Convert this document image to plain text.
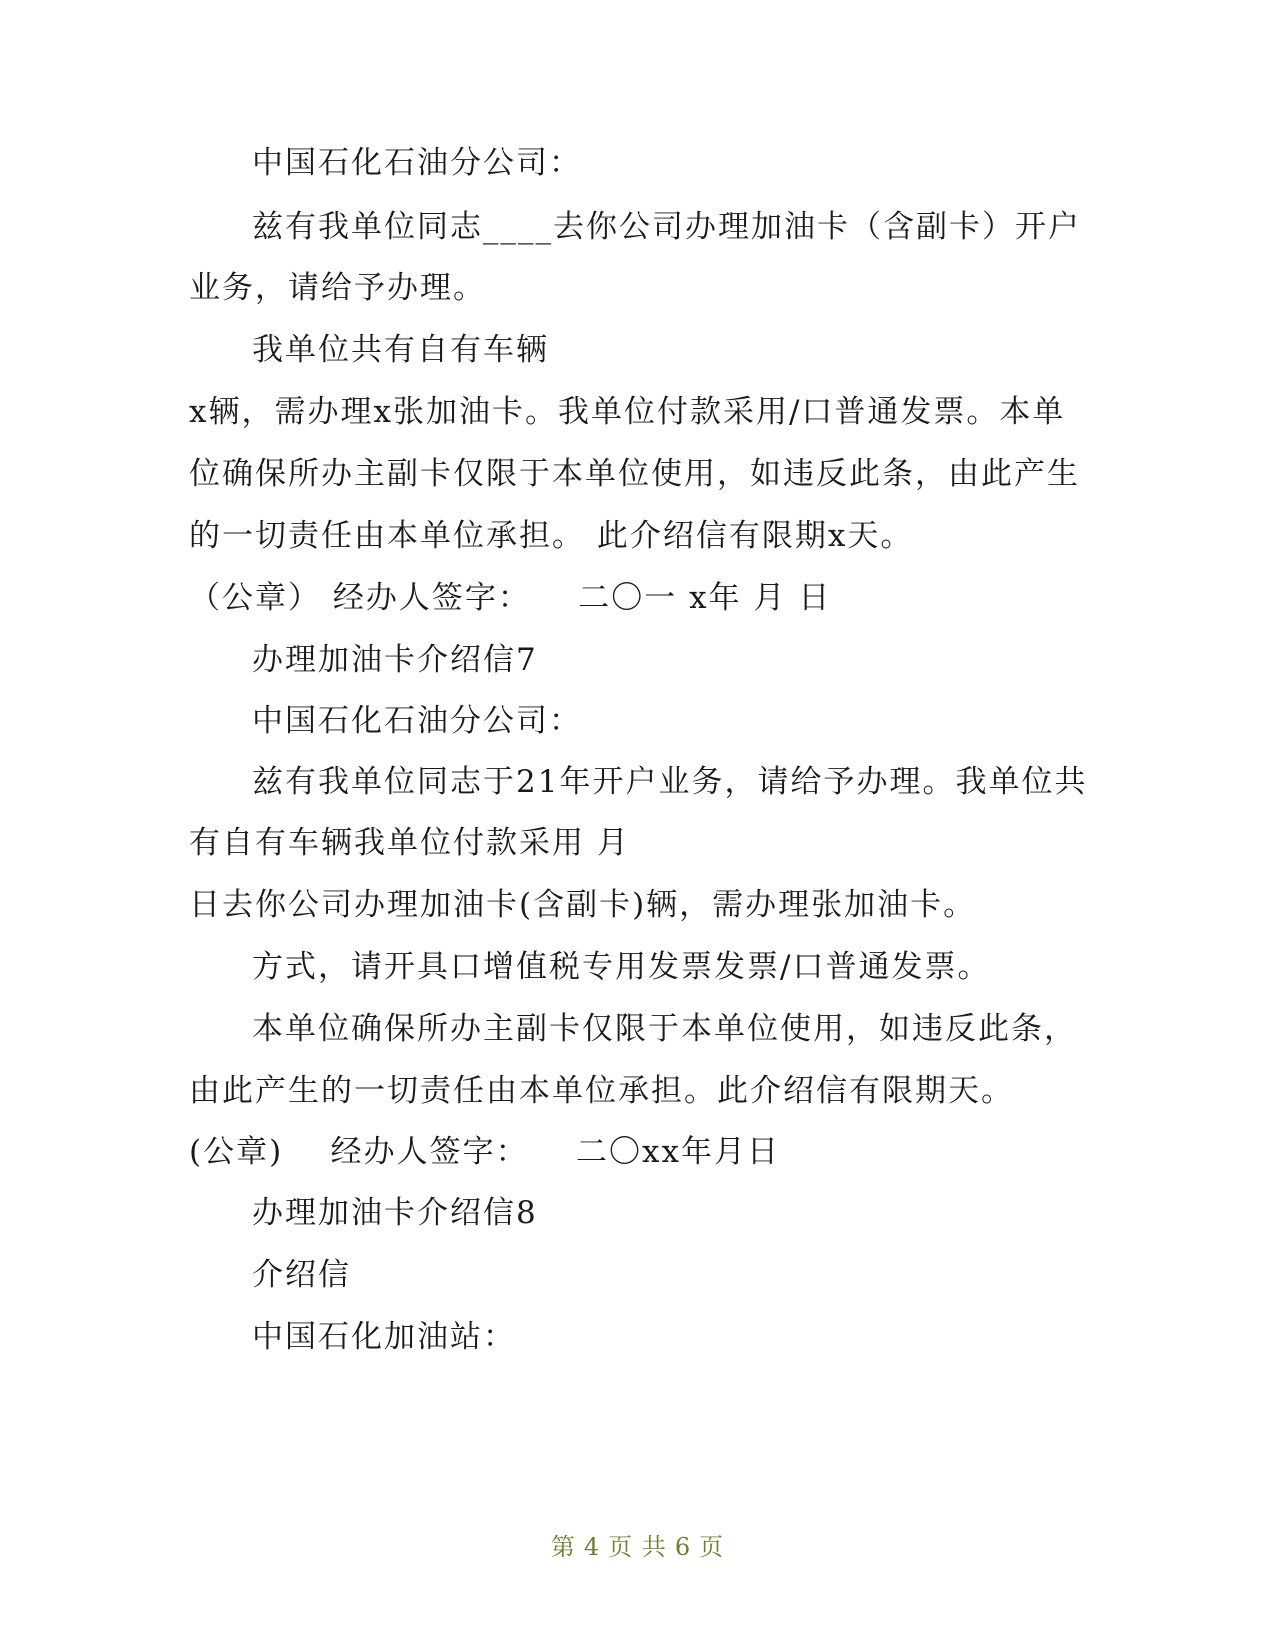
中国石化石油分公司：
兹有我单位同志____去你公司办理加油卡（含副卡）开户
业务，请给予办理。
我单位共有自有车辆
x辆，需办理x张加油卡。我单位付款采用/口普通发票。本单
位确保所办主副卡仅限于本单位使用，如违反此条，由此产生
的一切责任由本单位承担。 此介绍信有限期x天。
（公章） 经办人签字：    二〇一 x年 月 日
办理加油卡介绍信7
中国石化石油分公司：
兹有我单位同志于21年开户业务，请给予办理。我单位共
有自有车辆我单位付款采用 月
日去你公司办理加油卡(含副卡)辆，需办理张加油卡。
方式，请开具口增值税专用发票发票/口普通发票。
本单位确保所办主副卡仅限于本单位使用，如违反此条，
由此产生的一切责任由本单位承担。此介绍信有限期天。
(公章)    经办人签字：    二〇xx年月日
办理加油卡介绍信8
介绍信
中国石化加油站：
第 4 页 共 6 页
